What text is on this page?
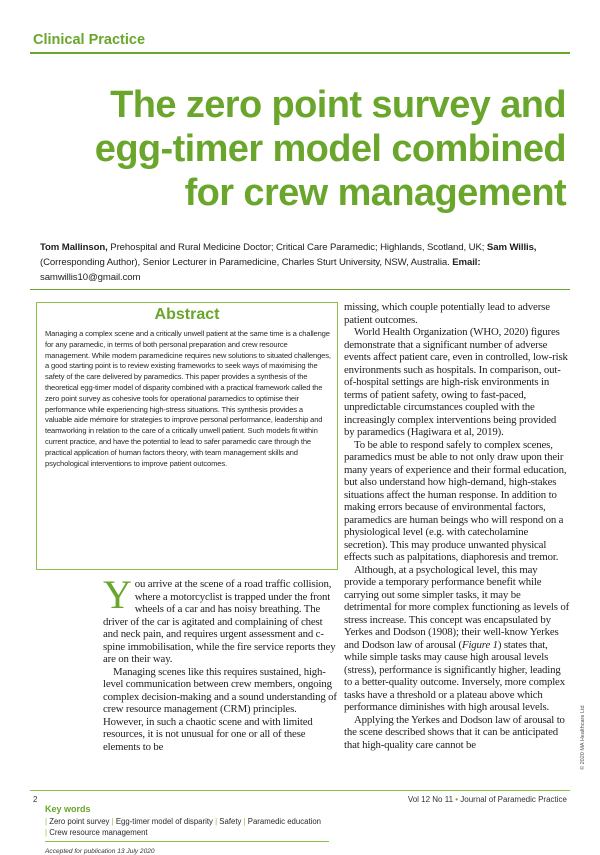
Clinical Practice
The zero point survey and
egg-timer model combined
for crew management
Tom Mallinson, Prehospital and Rural Medicine Doctor; Critical Care Paramedic; Highlands, Scotland, UK; Sam Willis, (Corresponding Author), Senior Lecturer in Paramedicine, Charles Sturt University, NSW, Australia. Email: samwillis10@gmail.com
Abstract
Managing a complex scene and a critically unwell patient at the same time is a challenge for any paramedic, in terms of both personal preparation and crew resource management. While modern paramedicine requires new solutions to situated challenges, a good starting point is to review existing frameworks to seek ways of maximising the safety of the care delivered by paramedics. This paper provides a synthesis of the theoretical egg-timer model of disparity combined with a practical framework called the zero point survey as cohesive tools for operational paramedics to optimise their performance while experiencing high-stress situations. This synthesis provides a valuable aide mémoire for strategies to improve personal performance, leadership and teamworking in relation to the care of a critically unwell patient. Such models fit within current practice, and have the potential to lead to safer paramedic care through the practical application of human factors theory, with team management skills and psychological interventions to improve patient outcomes.
Key words
| Zero point survey | Egg-timer model of disparity | Safety | Paramedic education
| Crew resource management
Accepted for publication 13 July 2020

You arrive at the scene of a road traffic collision, where a motorcyclist is trapped under the front wheels of a car and has noisy breathing. The driver of the car is agitated and complaining of chest and neck pain, and requires urgent assessment and c-spine immobilisation, while the fire service reports they are on their way.

Managing scenes like this requires sustained, high-level communication between crew members, ongoing complex decision-making and a sound understanding of crew resource management (CRM) principles. However, in such a chaotic scene and with limited resources, it is not unusual for one or all of these elements to be

missing, which couple potentially lead to adverse patient outcomes.

World Health Organization (WHO, 2020) figures demonstrate that a significant number of adverse events affect patient care, even in controlled, low-risk environments such as hospitals. In comparison, out-of-hospital settings are high-risk environments in terms of patient safety, owing to fast-paced, unpredictable circumstances coupled with the increasingly complex interventions being provided by paramedics (Hagiwara et al, 2019).

To be able to respond safely to complex scenes, paramedics must be able to not only draw upon their many years of experience and their formal education, but also understand how high-demand, high-stakes situations affect the human response. In addition to making errors because of environmental factors, paramedics are human beings who will respond on a physiological level (e.g. with catecholamine secretion). This may produce unwanted physical effects such as palpitations, diaphoresis and tremor.

Although, at a psychological level, this may provide a temporary performance benefit while carrying out some simpler tasks, it may be detrimental for more complex functioning as levels of stress increase. This concept was encapsulated by Yerkes and Dodson (1908); their well-know Yerkes and Dodson law of arousal (Figure 1) states that, while simple tasks may cause high arousal levels (stress), performance is significantly higher, leading to a better-quality outcome. Inversely, more complex tasks have a threshold or a plateau above which performance diminishes with high arousal levels.

Applying the Yerkes and Dodson law of arousal to the scene described shows that it can be anticipated that high-quality care cannot be	© 2020 MA Healthcare Ltd
2	Vol 12 No 11 • Journal of Paramedic Practice
